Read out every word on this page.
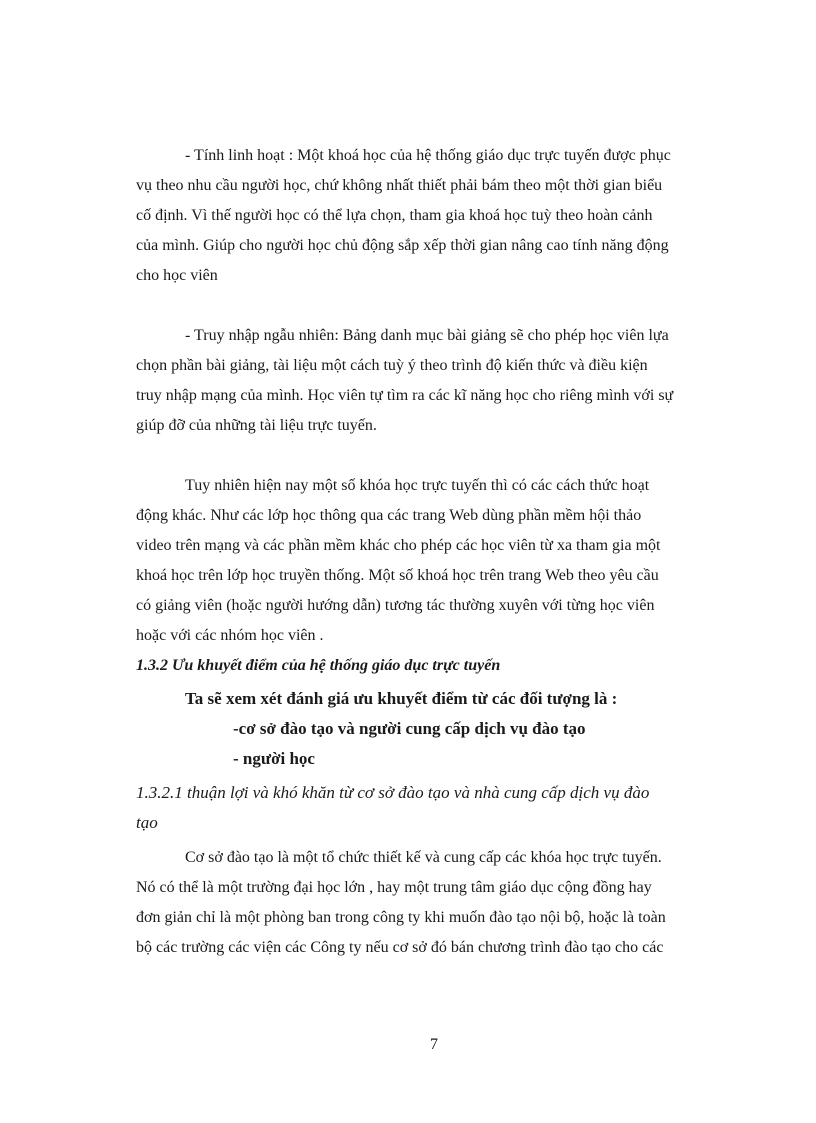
- Tính linh hoạt : Một khoá học của hệ thống giáo dục trực tuyến được phục
vụ theo nhu cầu người học, chứ không nhất thiết phải bám theo một thời gian biểu
cố định. Vì thế người học có thể lựa chọn, tham gia khoá học tuỳ theo hoàn cảnh
của mình. Giúp cho người học chủ động sắp xếp thời gian nâng cao tính năng động
cho học viên
- Truy nhập ngẫu nhiên: Bảng danh mục bài giảng sẽ cho phép học viên lựa
chọn phần bài giảng, tài liệu một cách tuỳ ý theo trình độ kiến thức và điều kiện
truy nhập mạng của mình. Học viên tự tìm ra các kĩ năng học cho riêng mình với sự
giúp đỡ của những tài liệu trực tuyến.
Tuy nhiên hiện nay một số khóa học trực tuyến thì có các cách thức hoạt
động khác. Như các lớp học thông qua các trang Web dùng phần mềm hội thảo
video trên mạng và các phần mềm khác cho phép các học viên từ xa tham gia một
khoá học trên lớp học truyền thống. Một số khoá học trên trang Web theo yêu cầu
có giảng viên (hoặc người hướng dẫn) tương tác thường xuyên với từng học viên
hoặc với các nhóm học viên .
1.3.2 Ưu khuyết điểm của hệ thống giáo dục trực tuyến
Ta sẽ xem xét đánh giá ưu khuyết điểm từ các đối tượng là :
-cơ sở đào tạo và người cung cấp dịch vụ đào tạo
- người học
1.3.2.1 thuận lợi và khó khăn từ cơ sở đào tạo và nhà cung cấp dịch vụ đào
tạo
Cơ sở đào tạo là một tổ chức thiết kế và cung cấp các khóa học trực tuyến.
Nó có thể là một trường đại học lớn , hay một trung tâm giáo dục cộng đồng hay
đơn giản chỉ là một phòng ban trong công ty khi muốn đào tạo nội bộ, hoặc là toàn
bộ các trường các viện các Công ty nếu cơ sở đó bán chương trình đào tạo cho các
7
